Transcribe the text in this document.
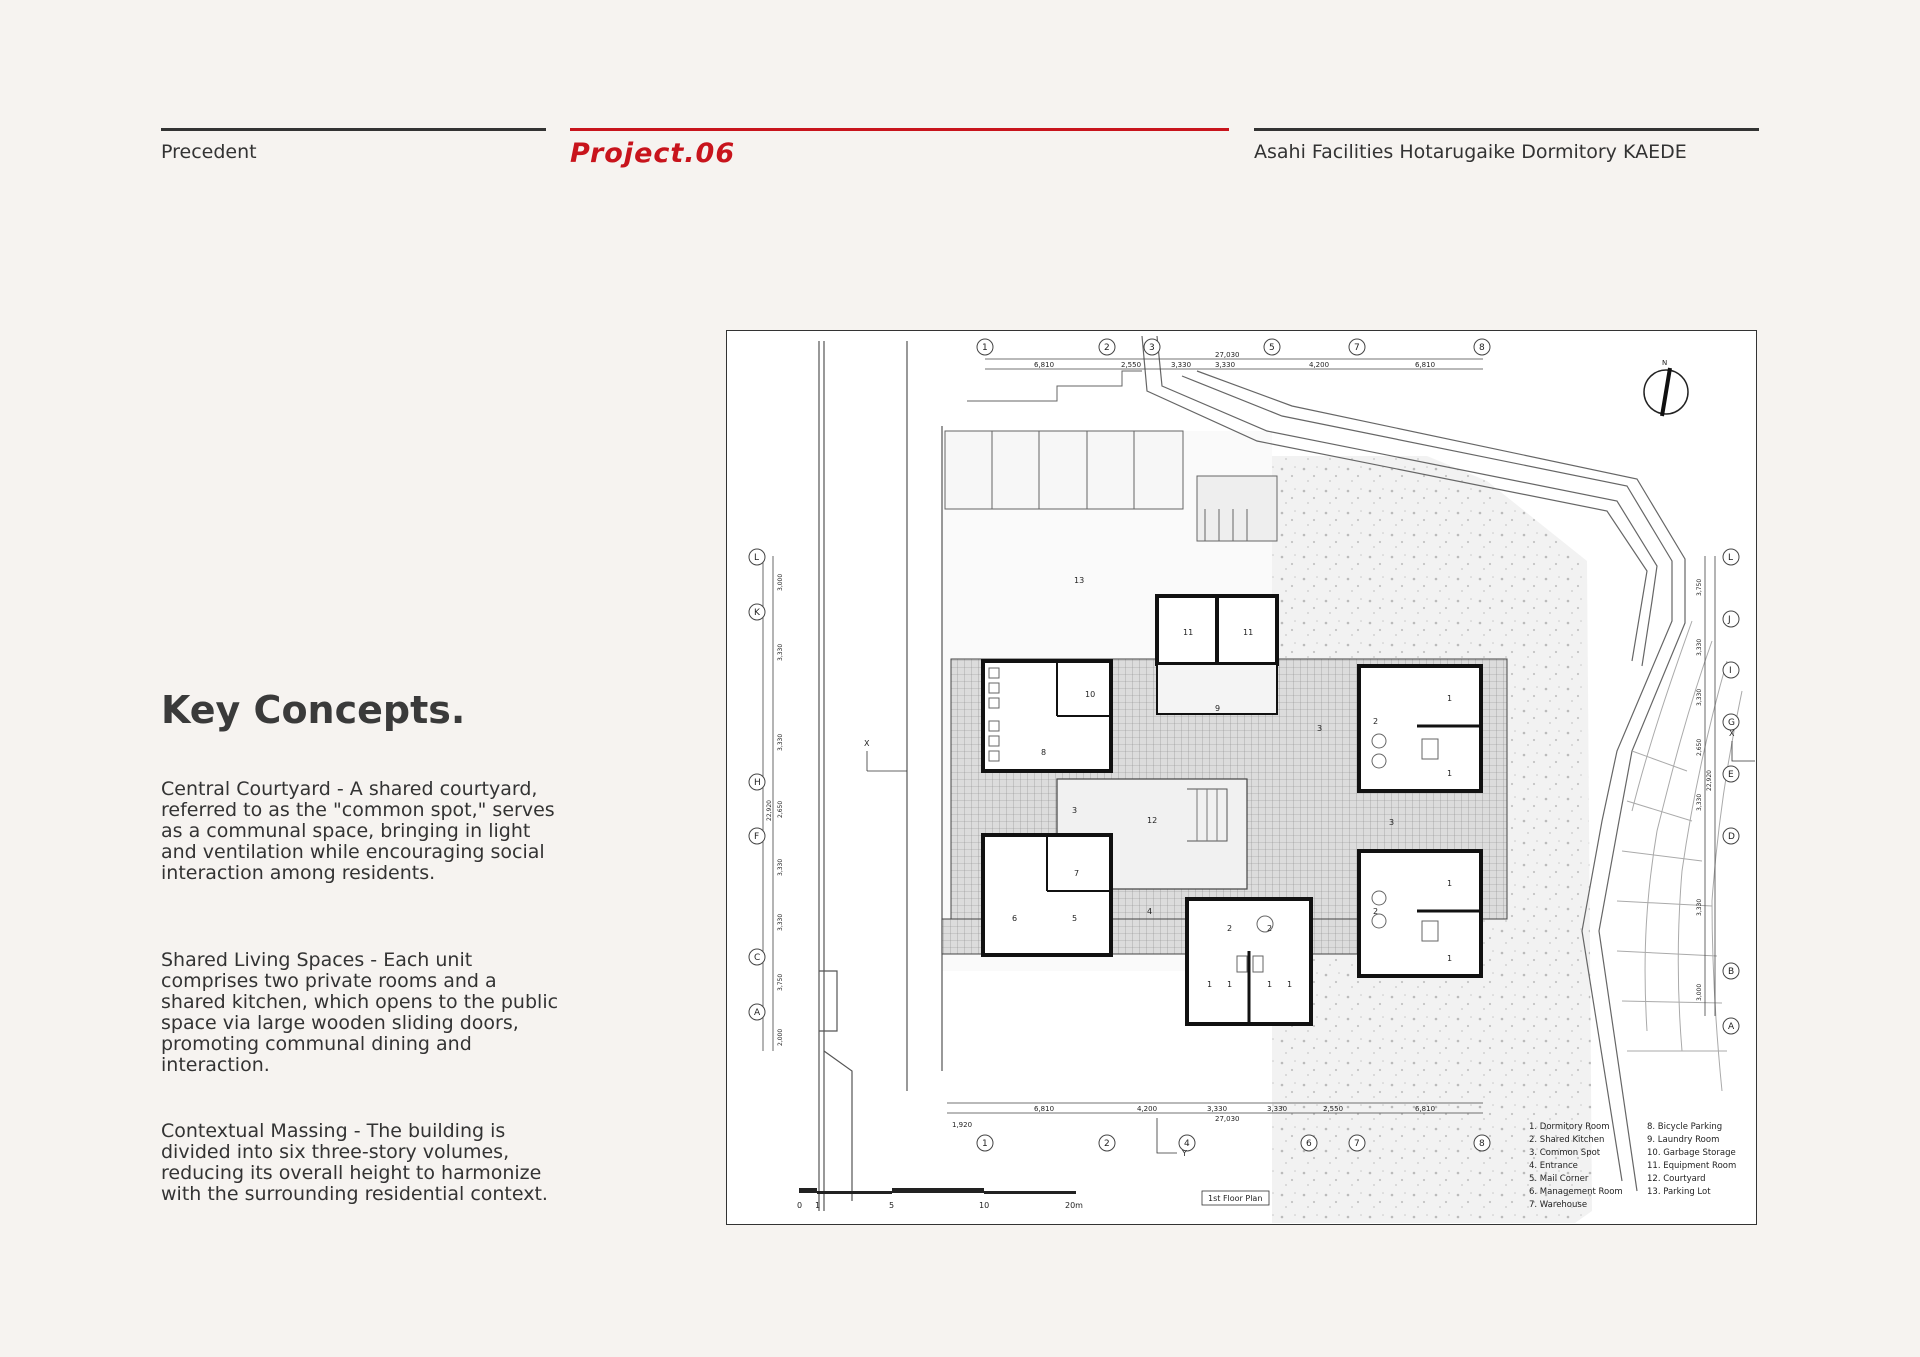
Precedent	Project.06	Asahi Facilities Hotarugaike Dormitory KAEDE
Key Concepts.

Central Courtyard - A shared courtyard, referred to as the "common spot," serves as a communal space, bringing in light and ventilation while encouraging social interaction among residents.

Shared Living Spaces - Each unit comprises two private rooms and a shared kitchen, which opens to the public space via large wooden sliding doors, promoting communal dining and interaction.

Contextual Massing - The building is divided into six three-story volumes, reducing its overall height to harmonize with the surrounding residential context.

13
11	11
10
9
8
3
3
3
12
7
6	5
4
2
2
1	1
1
1
1
1
1	1
2
2
1	2	3	5	7	8
27,030
6,810	2,550	3,330	3,330	4,200	6,810
1	2	4	6	7	8
1,920
6,810	4,200	3,330	3,330	2,550	6,810
27,030
L
K
H
F
C
A
3,000
3,330
3,330
2,650
3,330
3,330
3,750
2,000
22,920
L
J
I
G
E
D
B
A
3,750
3,330
3,330
2,650
3,330
3,330
3,000
22,920
X
X
Y
N
0 1	5	10	20m
1st Floor Plan
1. Dormitory Room
2. Shared Kitchen
3. Common Spot
4. Entrance
5. Mail Corner
6. Management Room
7. Warehouse
8. Bicycle Parking
9. Laundry Room
10. Garbage Storage
11. Equipment Room
12. Courtyard
13. Parking Lot
